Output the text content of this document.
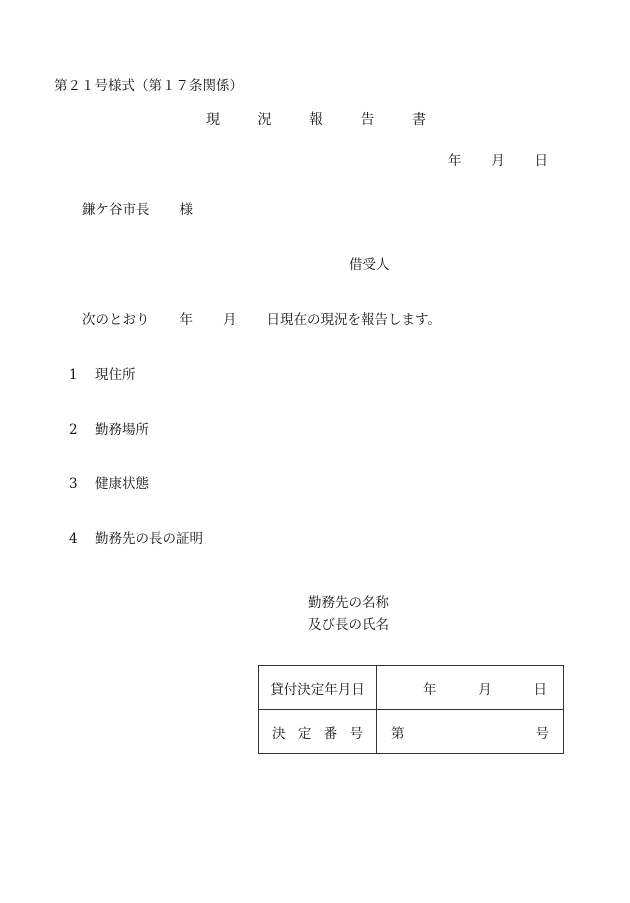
第２１号様式（第１７条関係）
現	況	報	告	書
年 月 日
鎌ケ谷市長 様
借受人
次のとおり 年 月 日現在の現況を報告します。
1 現住所
2 勤務場所
3 健康状態
4 勤務先の長の証明
勤務先の名称
及び長の氏名
貸付決定年月日	年 月 日

決 定 番 号	第 号
